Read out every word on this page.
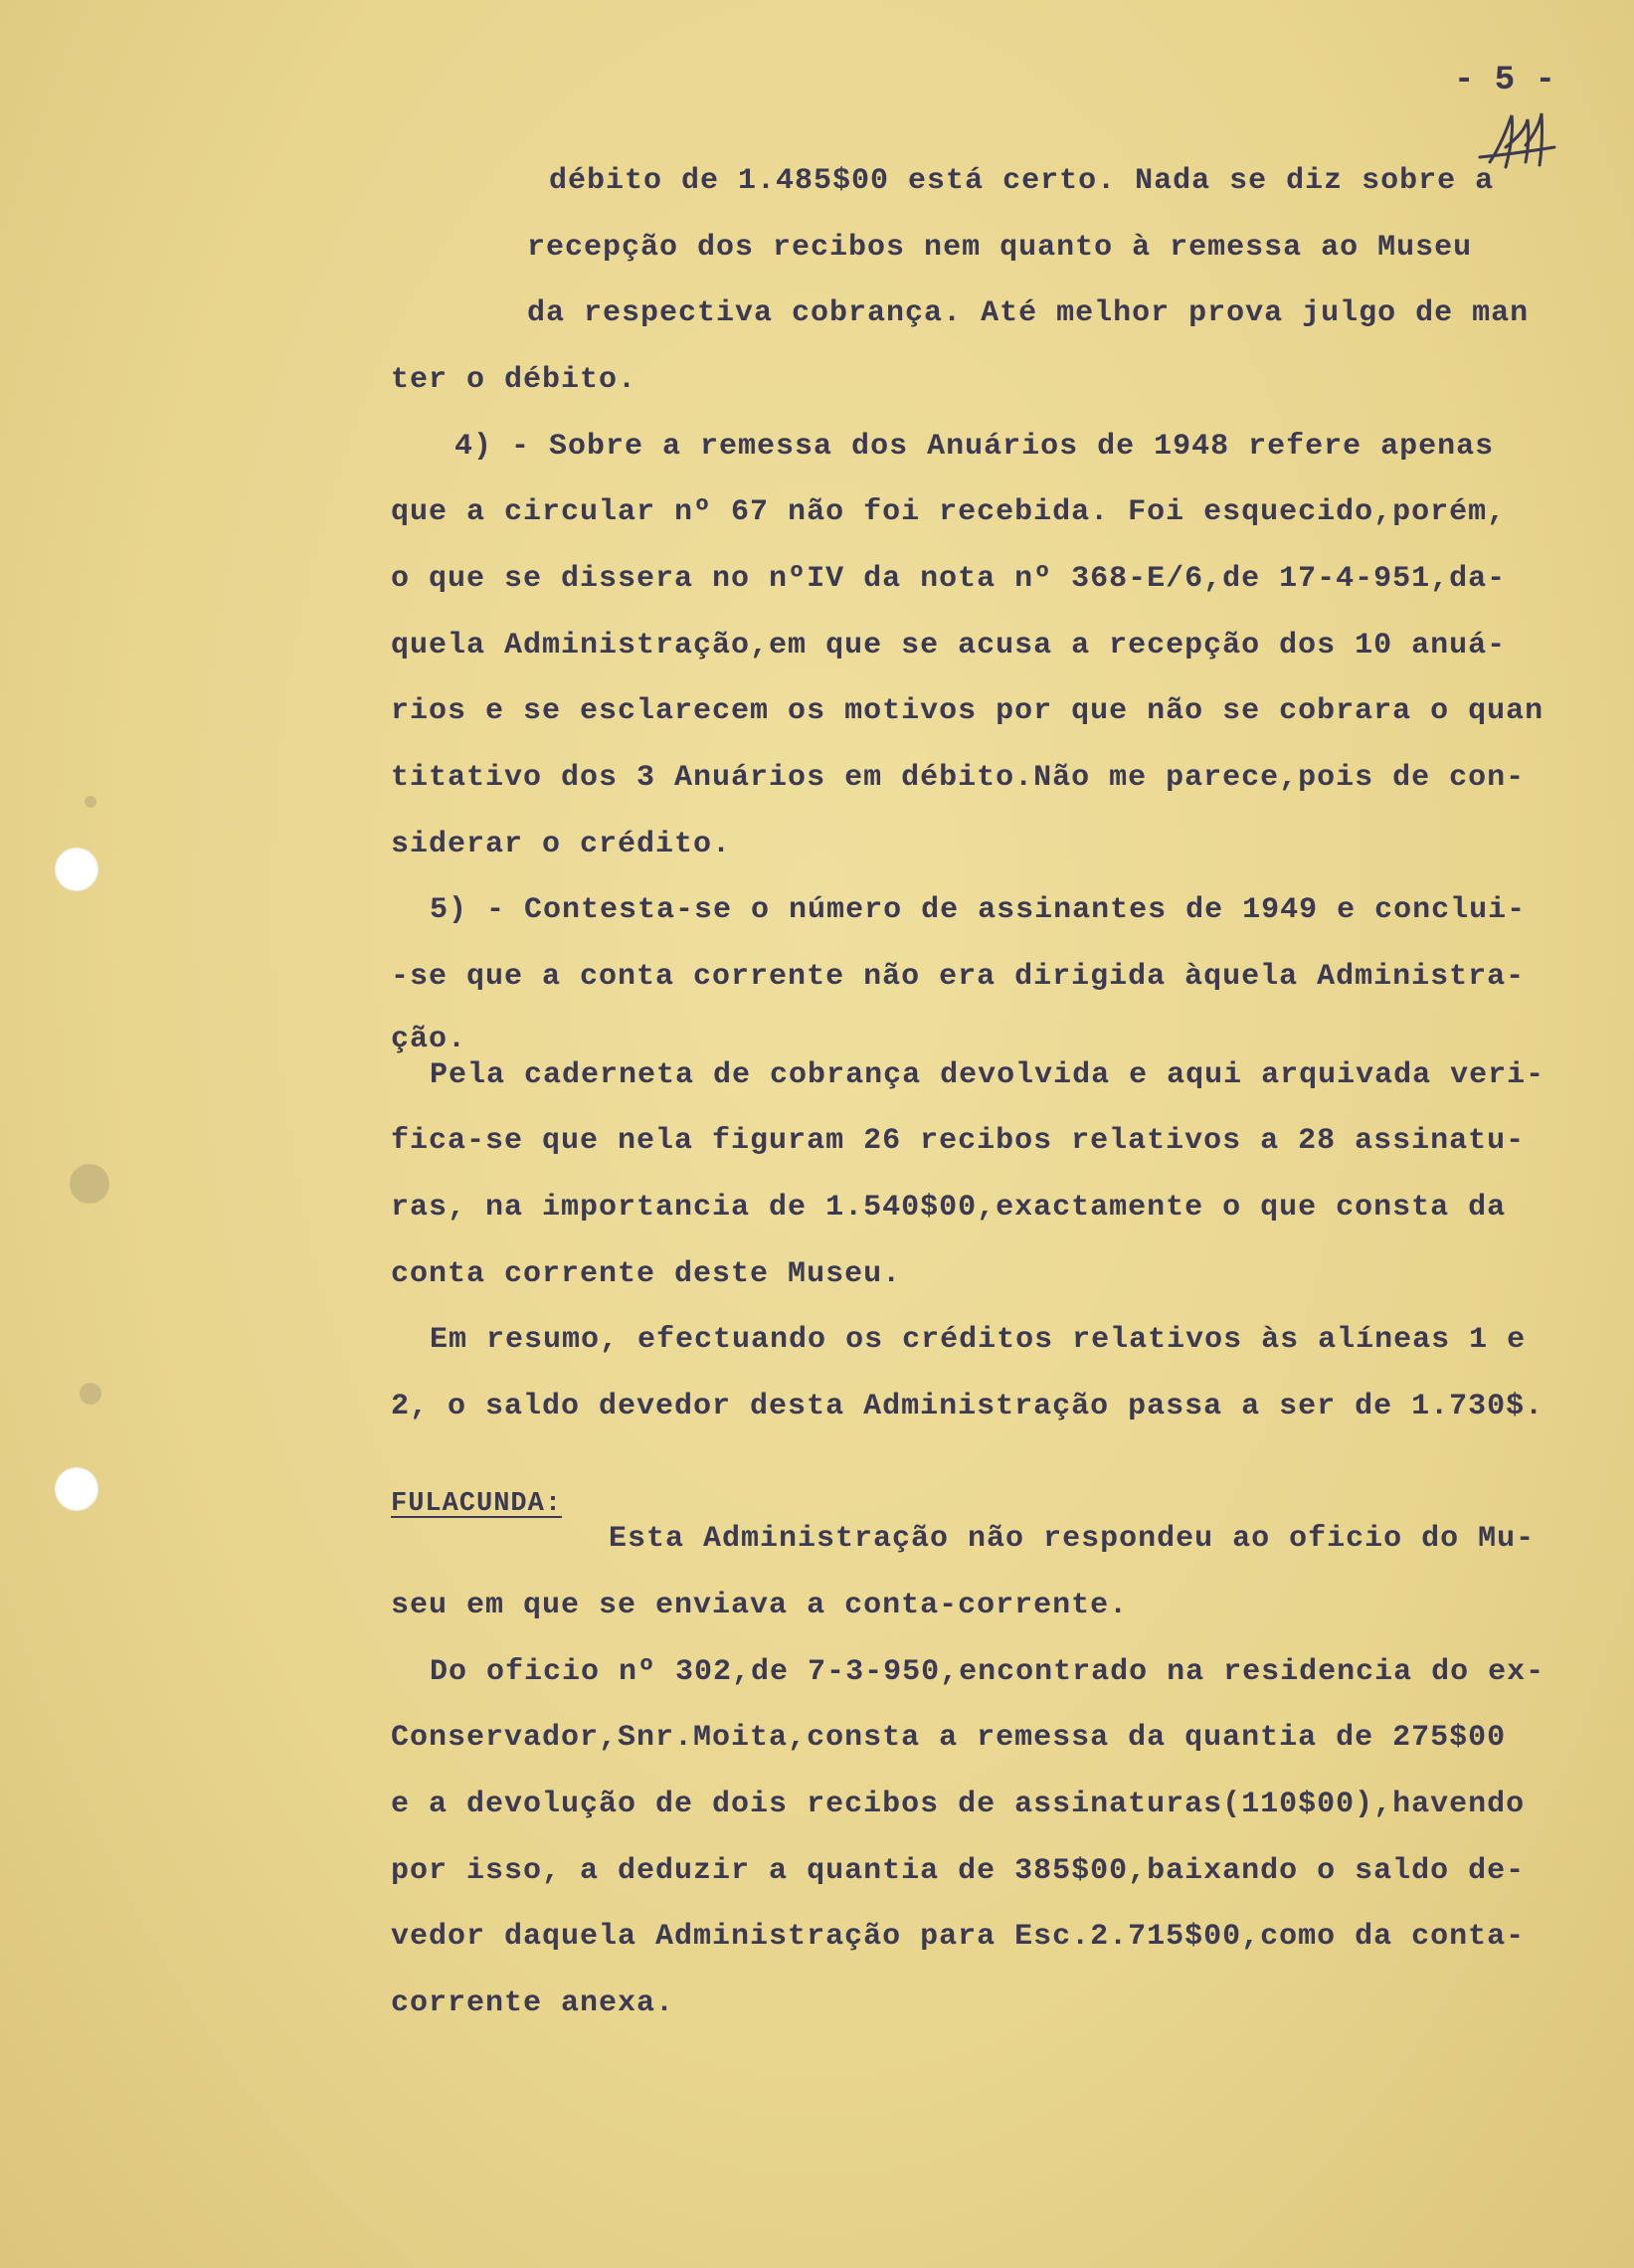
- 5 -

débito de 1.485$00 está certo. Nada se diz sobre a

recepção dos recibos nem quanto à remessa ao Museu

da respectiva cobrança. Até melhor prova julgo de man

ter o débito.

4) - Sobre a remessa dos Anuários de 1948 refere apenas

que a circular nº 67 não foi recebida. Foi esquecido,porém,

o que se dissera no nºIV da nota nº 368-E/6,de 17-4-951,da-

quela Administração,em que se acusa a recepção dos 10 anuá-

rios e se esclarecem os motivos por que não se cobrara o quan

titativo dos 3 Anuários em débito.Não me parece,pois de con-

siderar o crédito.

5) - Contesta-se o número de assinantes de 1949 e conclui-

-se que a conta corrente não era dirigida àquela Administra-

ção.

Pela caderneta de cobrança devolvida e aqui arquivada veri-

fica-se que nela figuram 26 recibos relativos a 28 assinatu-

ras, na importancia de 1.540$00,exactamente o que consta da

conta corrente deste Museu.

Em resumo, efectuando os créditos relativos às alíneas 1 e

2, o saldo devedor desta Administração passa a ser de 1.730$.

FULACUNDA:

Esta Administração não respondeu ao oficio do Mu-

seu em que se enviava a conta-corrente.

Do oficio nº 302,de 7-3-950,encontrado na residencia do ex-

Conservador,Snr.Moita,consta a remessa da quantia de 275$00

e a devolução de dois recibos de assinaturas(110$00),havendo

por isso, a deduzir a quantia de 385$00,baixando o saldo de-

vedor daquela Administração para Esc.2.715$00,como da conta-

corrente anexa.
